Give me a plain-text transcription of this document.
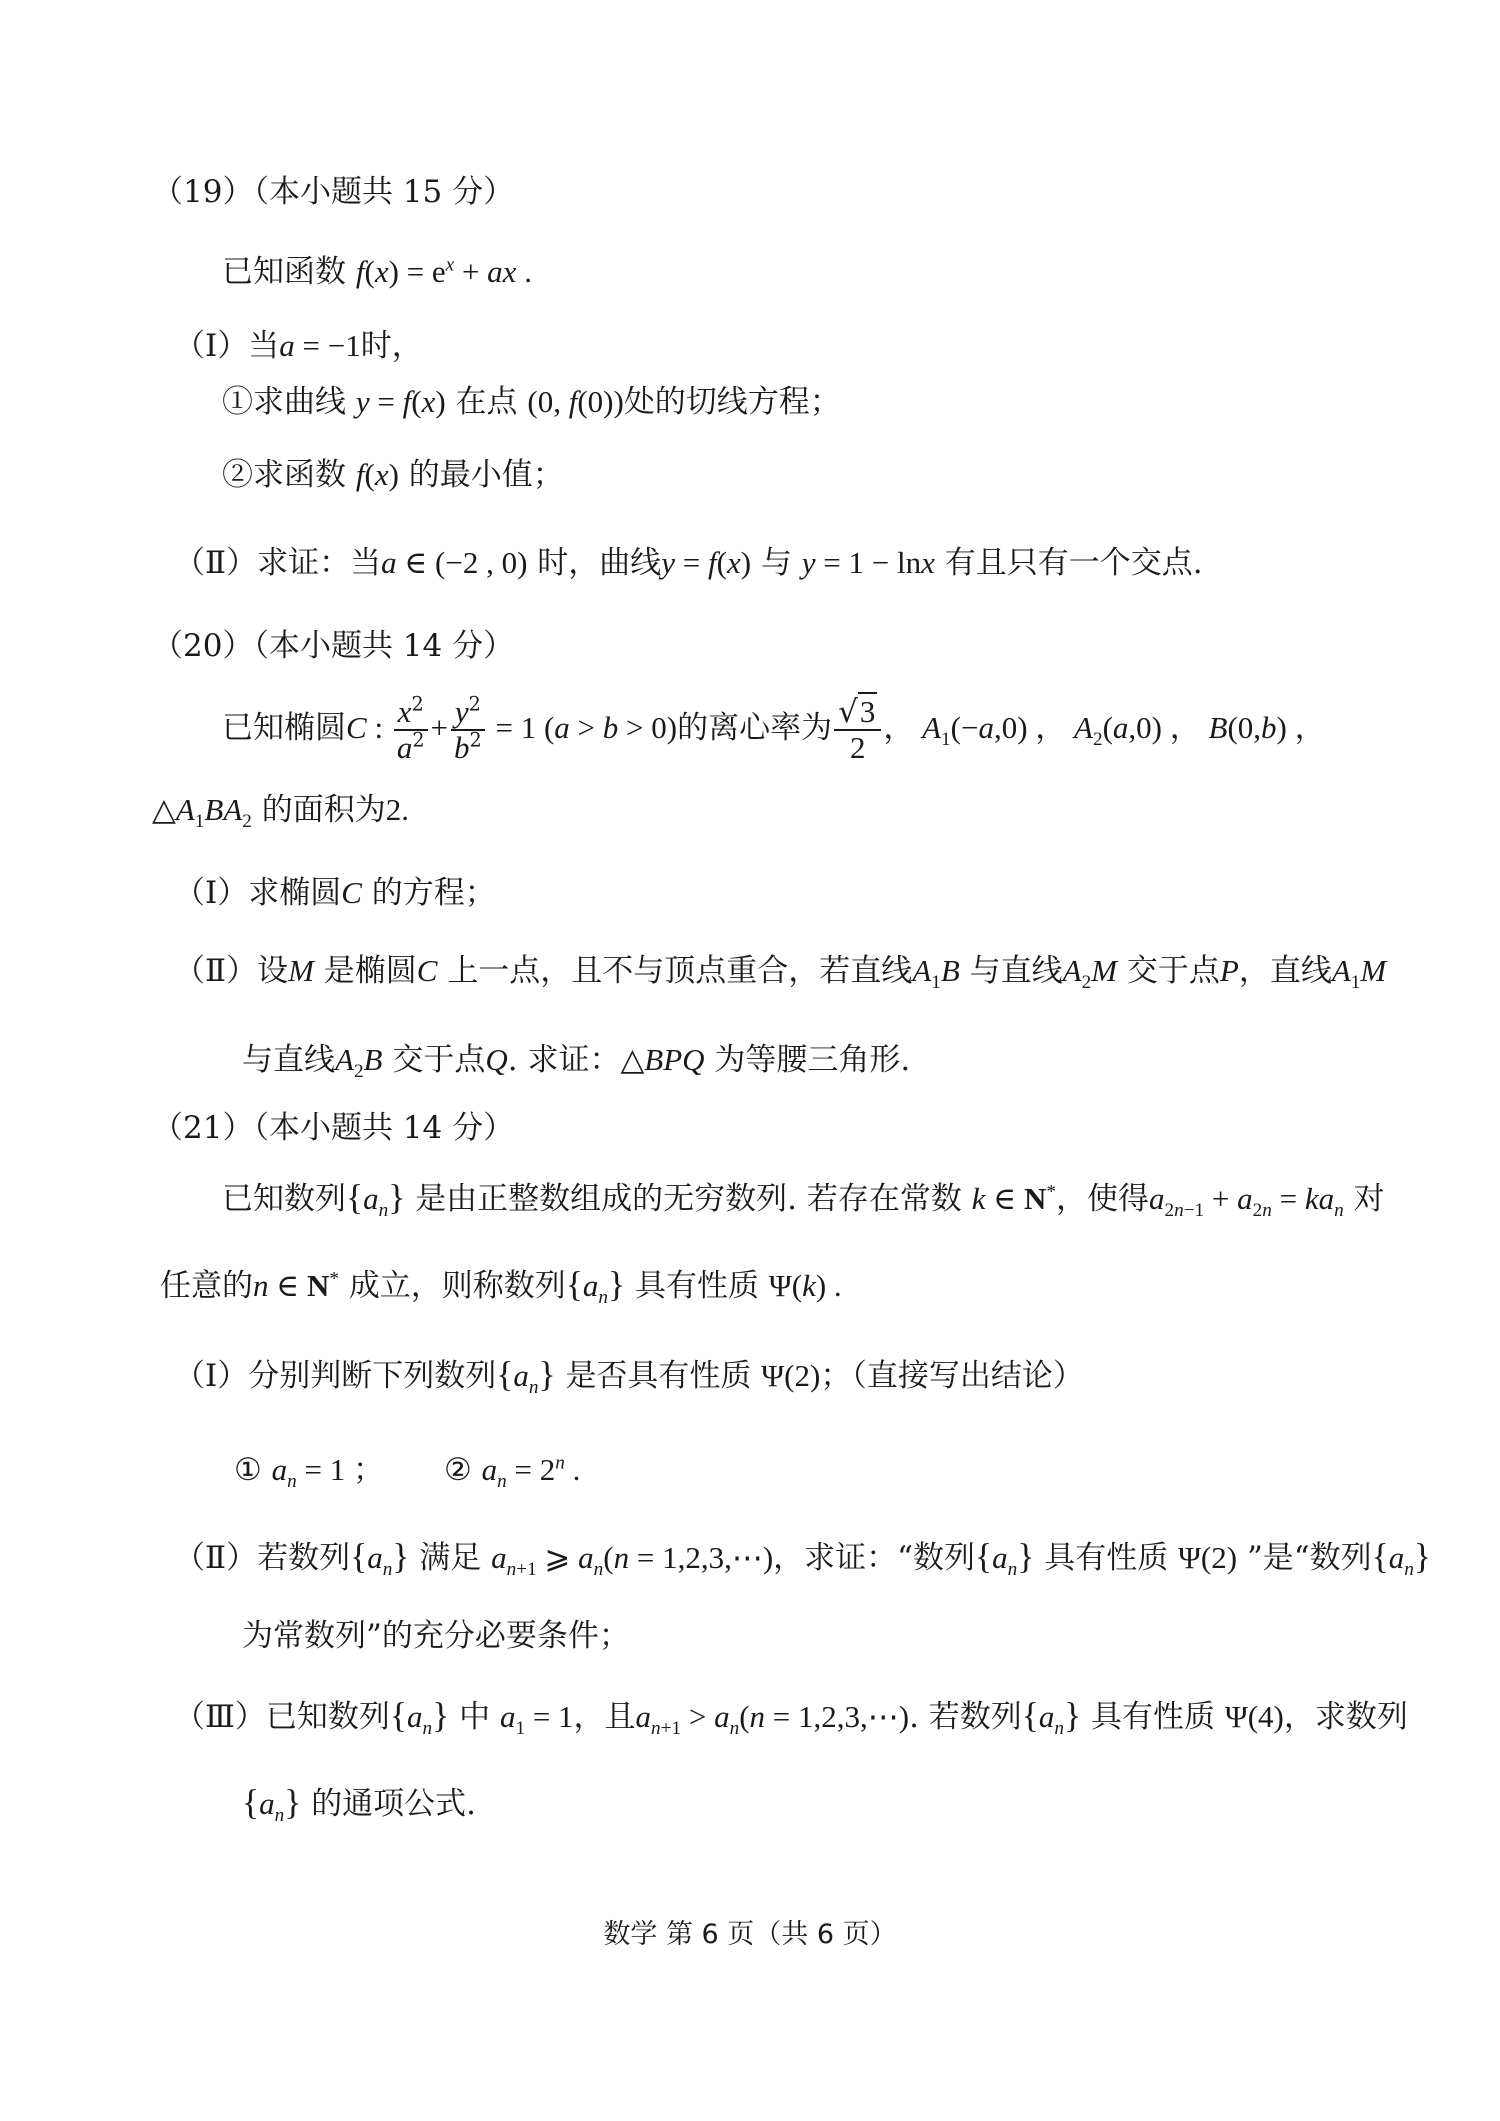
（19）（本小题共 15 分）
已知函数 $f(x) = e^x$ + ax .
（Ⅰ）当a = −1时，
①求曲线 y = f(x) 在点 (0, f(0))处的切线方程；
②求函数 f(x) 的最小值；
（Ⅱ）求证：当a ∈ (−2 , 0) 时，曲线y = f(x) 与 y = 1 − lnx 有且只有一个交点.
（20）（本小题共 14 分）
已知椭圆C : $\frac{x^2}{a^2} + \frac{y^2}{b^2} = 1$ (a > b > 0)的离心率为 $\frac{√3}{2}$ ， $A_1(-a,0)$ ， $A_2(a,0)$ ， B(0,b) ，
$\triangle A_1BA_2$ 的面积为2.
（Ⅰ）求椭圆C 的方程；
（Ⅱ）设M 是椭圆C 上一点，且不与顶点重合，若直线$A_1B$ 与直线$A_2M$ 交于点P，直线$A_1M$
与直线$A_2B$ 交于点Q. 求证：△BPQ 为等腰三角形.
（21）（本小题共 14 分）
已知数列$\{a_n\}$ 是由正整数组成的无穷数列. 若存在常数 k ∈ N*，使得$a_{2n-1} + a_{2n} = ka_n$ 对
任意的n ∈ N* 成立，则称数列$\{a_n\}$ 具有性质 Ψ(k) .
（Ⅰ）分别判断下列数列$\{a_n\}$ 是否具有性质 Ψ(2)；（直接写出结论）
① $a_n = 1$ ； ② $a_n = 2^n$ .
（Ⅱ）若数列$\{a_n\}$ 满足 $a_{n+1}$ ⩾ $a_n(n$ = 1,2,3,⋯)，求证：“数列$\{a_n\}$ 具有性质 Ψ(2) ”是“数列$\{a_n\}$
为常数列”的充分必要条件；
（Ⅲ）已知数列$\{a_n\}$ 中 $a_1 = 1$，且$a_{n+1} > a_n(n$ = 1,2,3,⋯). 若数列$\{a_n\}$ 具有性质 Ψ(4)，求数列
$\{a_n\}$ 的通项公式.
数学 第 6 页（共 6 页）
